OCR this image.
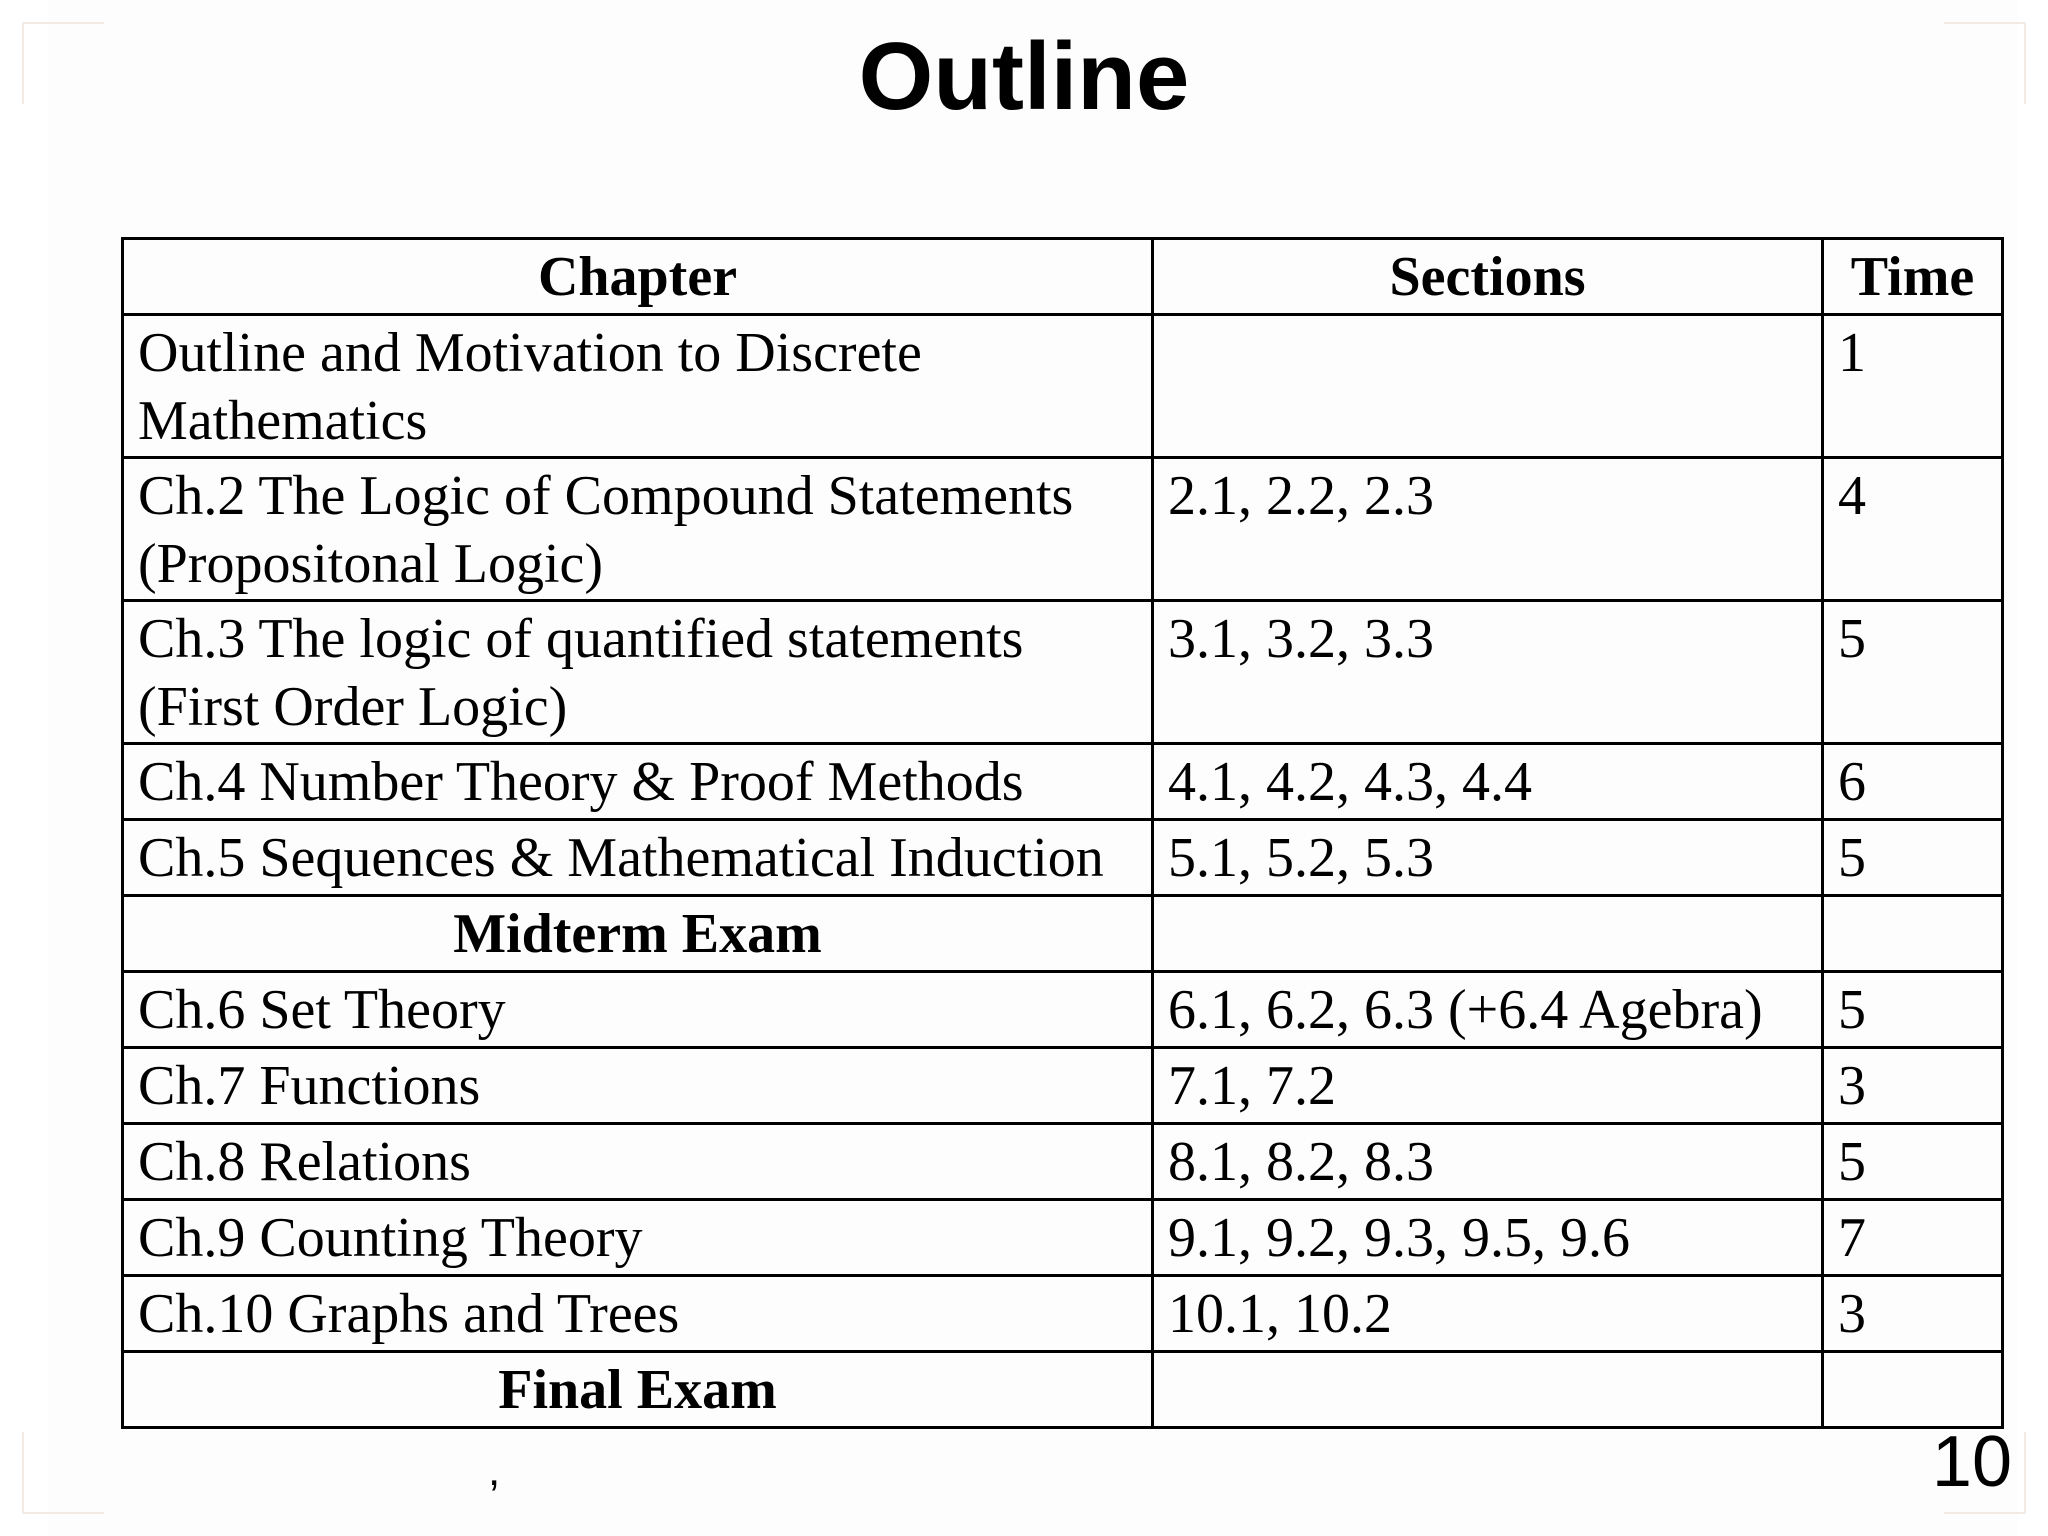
Outline
Chapter	Sections	Time
Outline and Motivation to Discrete Mathematics		1
Ch.2 The Logic of Compound Statements (Propositonal Logic)	2.1, 2.2, 2.3	4
Ch.3 The logic of quantified statements (First Order Logic)	3.1, 3.2, 3.3	5
Ch.4 Number Theory & Proof Methods	4.1, 4.2, 4.3, 4.4	6
Ch.5 Sequences & Mathematical Induction	5.1, 5.2, 5.3	5
Midterm Exam		
Ch.6 Set Theory	6.1, 6.2, 6.3 (+6.4 Agebra)	5
Ch.7 Functions	7.1, 7.2	3
Ch.8 Relations	8.1, 8.2, 8.3	5
Ch.9 Counting Theory	9.1, 9.2, 9.3, 9.5, 9.6	7
Ch.10 Graphs and Trees	10.1, 10.2	3
Final Exam		
,	10
